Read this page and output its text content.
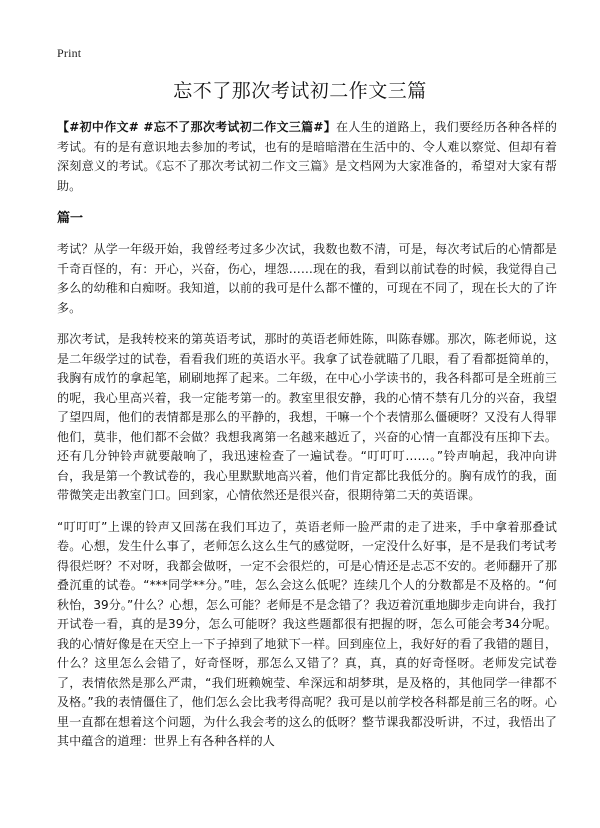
Print
忘不了那次考试初二作文三篇

【#初中作文# #忘不了那次考试初二作文三篇#】在人生的道路上，我们要经历各种各样的考试。有的是有意识地去参加的考试，也有的是暗暗潜在生活中的、令人难以察觉、但却有着深刻意义的考试。《忘不了那次考试初二作文三篇》是文档网为大家准备的，希望对大家有帮助。

篇一

考试？从学一年级开始，我曾经考过多少次试，我数也数不清，可是，每次考试后的心情都是千奇百怪的，有：开心，兴奋，伤心，埋怨……现在的我，看到以前试卷的时候，我觉得自己多么的幼稚和白痴呀。我知道，以前的我可是什么都不懂的，可现在不同了，现在长大的了许多。

那次考试，是我转校来的第英语考试，那时的英语老师姓陈，叫陈春娜。那次，陈老师说，这是二年级学过的试卷，看看我们班的英语水平。我拿了试卷就瞄了几眼，看了看都挺简单的，我胸有成竹的拿起笔，刷刷地挥了起来。二年级，在中心小学读书的，我各科都可是全班前三的呢，我心里高兴着，我一定能考第一的。教室里很安静，我的心情不禁有几分的兴奋，我望了望四周，他们的表情都是那么的平静的，我想，干嘛一个个表情那么僵硬呀？又没有人得罪他们，莫非，他们都不会做？我想我离第一名越来越近了，兴奋的心情一直都没有压抑下去。还有几分钟铃声就要敲响了，我迅速检查了一遍试卷。“叮叮叮……。”铃声响起，我冲向讲台，我是第一个教试卷的，我心里默默地高兴着，他们肯定都比我低分的。胸有成竹的我，面带微笑走出教室门口。回到家，心情依然还是很兴奋，很期待第二天的英语课。

“叮叮叮”上课的铃声又回荡在我们耳边了，英语老师一脸严肃的走了进来，手中拿着那叠试卷。心想，发生什么事了，老师怎么这么生气的感觉呀，一定没什么好事，是不是我们考试考得很烂呀？不对呀，我都会做呀，一定不会很烂的，可是心情还是忐忑不安的。老师翻开了那叠沉重的试卷。“***同学**分。”哇，怎么会这么低呢？连续几个人的分数都是不及格的。“何秋怡，39分。”什么？心想，怎么可能？老师是不是念错了？我迈着沉重地脚步走向讲台，我打开试卷一看，真的是39分，怎么可能呀？我这些题都很有把握的呀，怎么可能会考34分呢。我的心情好像是在天空上一下子掉到了地狱下一样。回到座位上，我好好的看了我错的题目，什么？这里怎么会错了，好奇怪呀，那怎么又错了？真，真，真的好奇怪呀。老师发完试卷了，表情依然是那么严肃，“我们班赖婉莹、牟深远和胡梦琪，是及格的，其他同学一律都不及格。”我的表情僵住了，他们怎么会比我考得高呢？我可是以前学校各科都是前三名的呀。心里一直都在想着这个问题，为什么我会考的这么的低呀？整节课我都没听讲，不过，我悟出了其中蕴含的道理：世界上有各种各样的人
